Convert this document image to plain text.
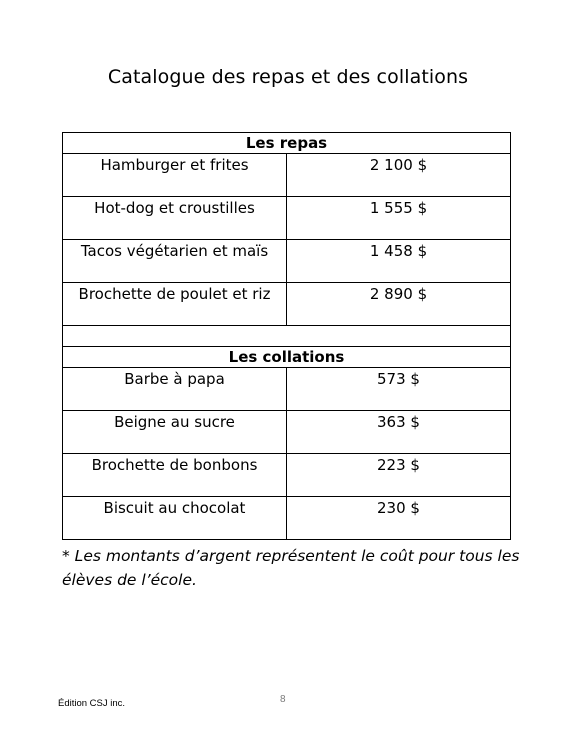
Catalogue des repas et des collations
Les repas	
Hamburger et frites	2 100 $
Hot-dog et croustilles	1 555 $
Tacos végétarien et maïs	1 458 $
Brochette de poulet et riz	2 890 $

Les collations	
Barbe à papa	573 $
Beigne au sucre	363 $
Brochette de bonbons	223 $
Biscuit au chocolat	230 $
* Les montants d’argent représentent le coût pour tous les élèves de l’école.
Édition CSJ inc.	8
